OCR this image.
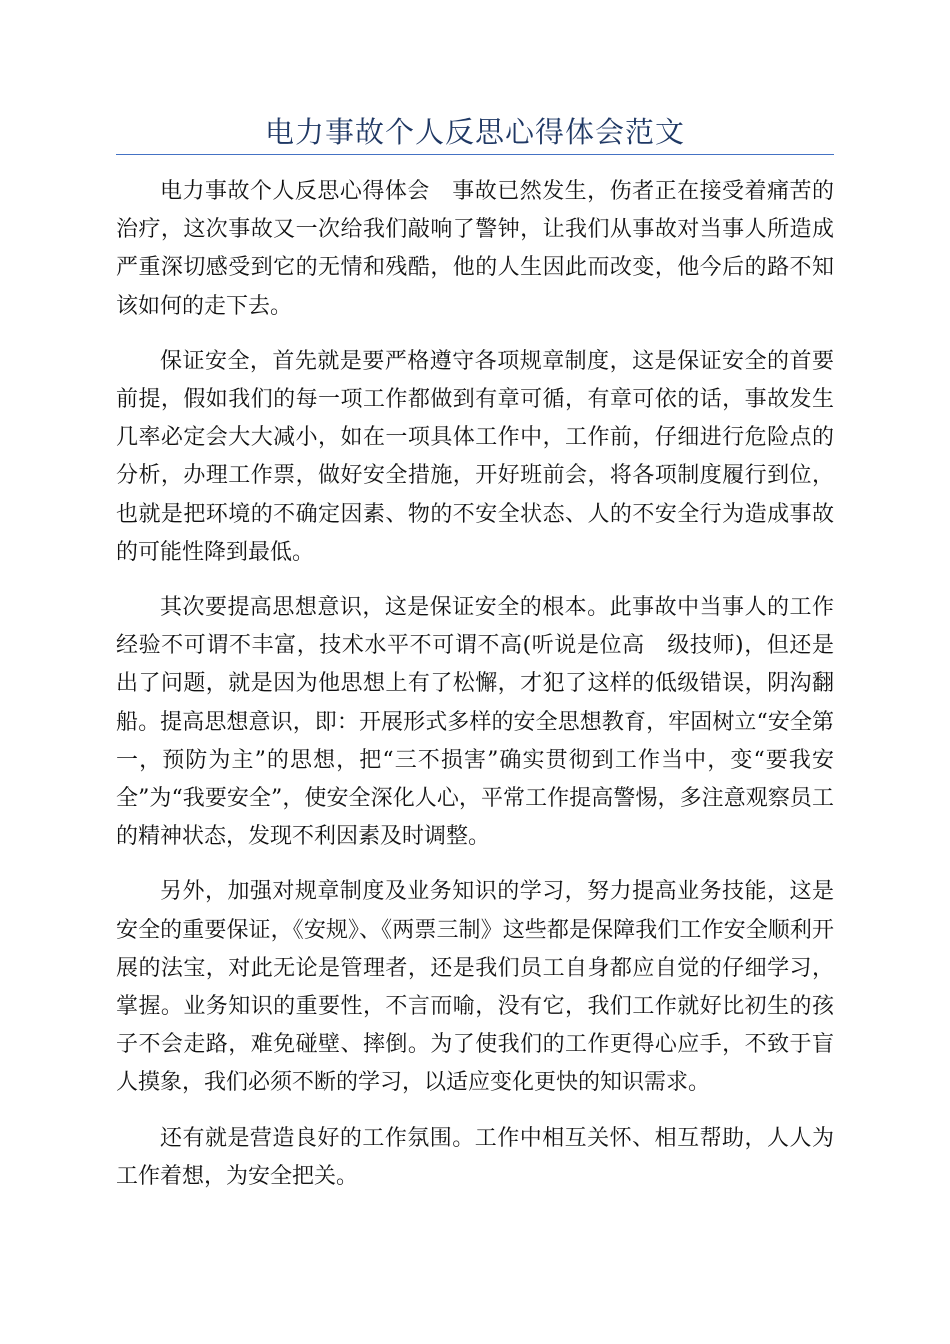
电力事故个人反思心得体会范文

电力事故个人反思心得体会　事故已然发生，伤者正在接受着痛苦的治疗，这次事故又一次给我们敲响了警钟，让我们从事故对当事人所造成严重深切感受到它的无情和残酷，他的人生因此而改变，他今后的路不知该如何的走下去。

保证安全，首先就是要严格遵守各项规章制度，这是保证安全的首要前提，假如我们的每一项工作都做到有章可循，有章可依的话，事故发生几率必定会大大减小，如在一项具体工作中，工作前，仔细进行危险点的分析，办理工作票，做好安全措施，开好班前会，将各项制度履行到位，也就是把环境的不确定因素、物的不安全状态、人的不安全行为造成事故的可能性降到最低。

其次要提高思想意识，这是保证安全的根本。此事故中当事人的工作经验不可谓不丰富，技术水平不可谓不高(听说是位高　级技师)，但还是出了问题，就是因为他思想上有了松懈，才犯了这样的低级错误，阴沟翻船。提高思想意识，即：开展形式多样的安全思想教育，牢固树立“安全第一，预防为主”的思想，把“三不损害”确实贯彻到工作当中，变“要我安全”为“我要安全”，使安全深化人心，平常工作提高警惕，多注意观察员工的精神状态，发现不利因素及时调整。

另外，加强对规章制度及业务知识的学习，努力提高业务技能，这是安全的重要保证，《安规》、《两票三制》这些都是保障我们工作安全顺利开展的法宝，对此无论是管理者，还是我们员工自身都应自觉的仔细学习，掌握。业务知识的重要性，不言而喻，没有它，我们工作就好比初生的孩子不会走路，难免碰壁、摔倒。为了使我们的工作更得心应手，不致于盲人摸象，我们必须不断的学习，以适应变化更快的知识需求。

还有就是营造良好的工作氛围。工作中相互关怀、相互帮助，人人为工作着想，为安全把关。
